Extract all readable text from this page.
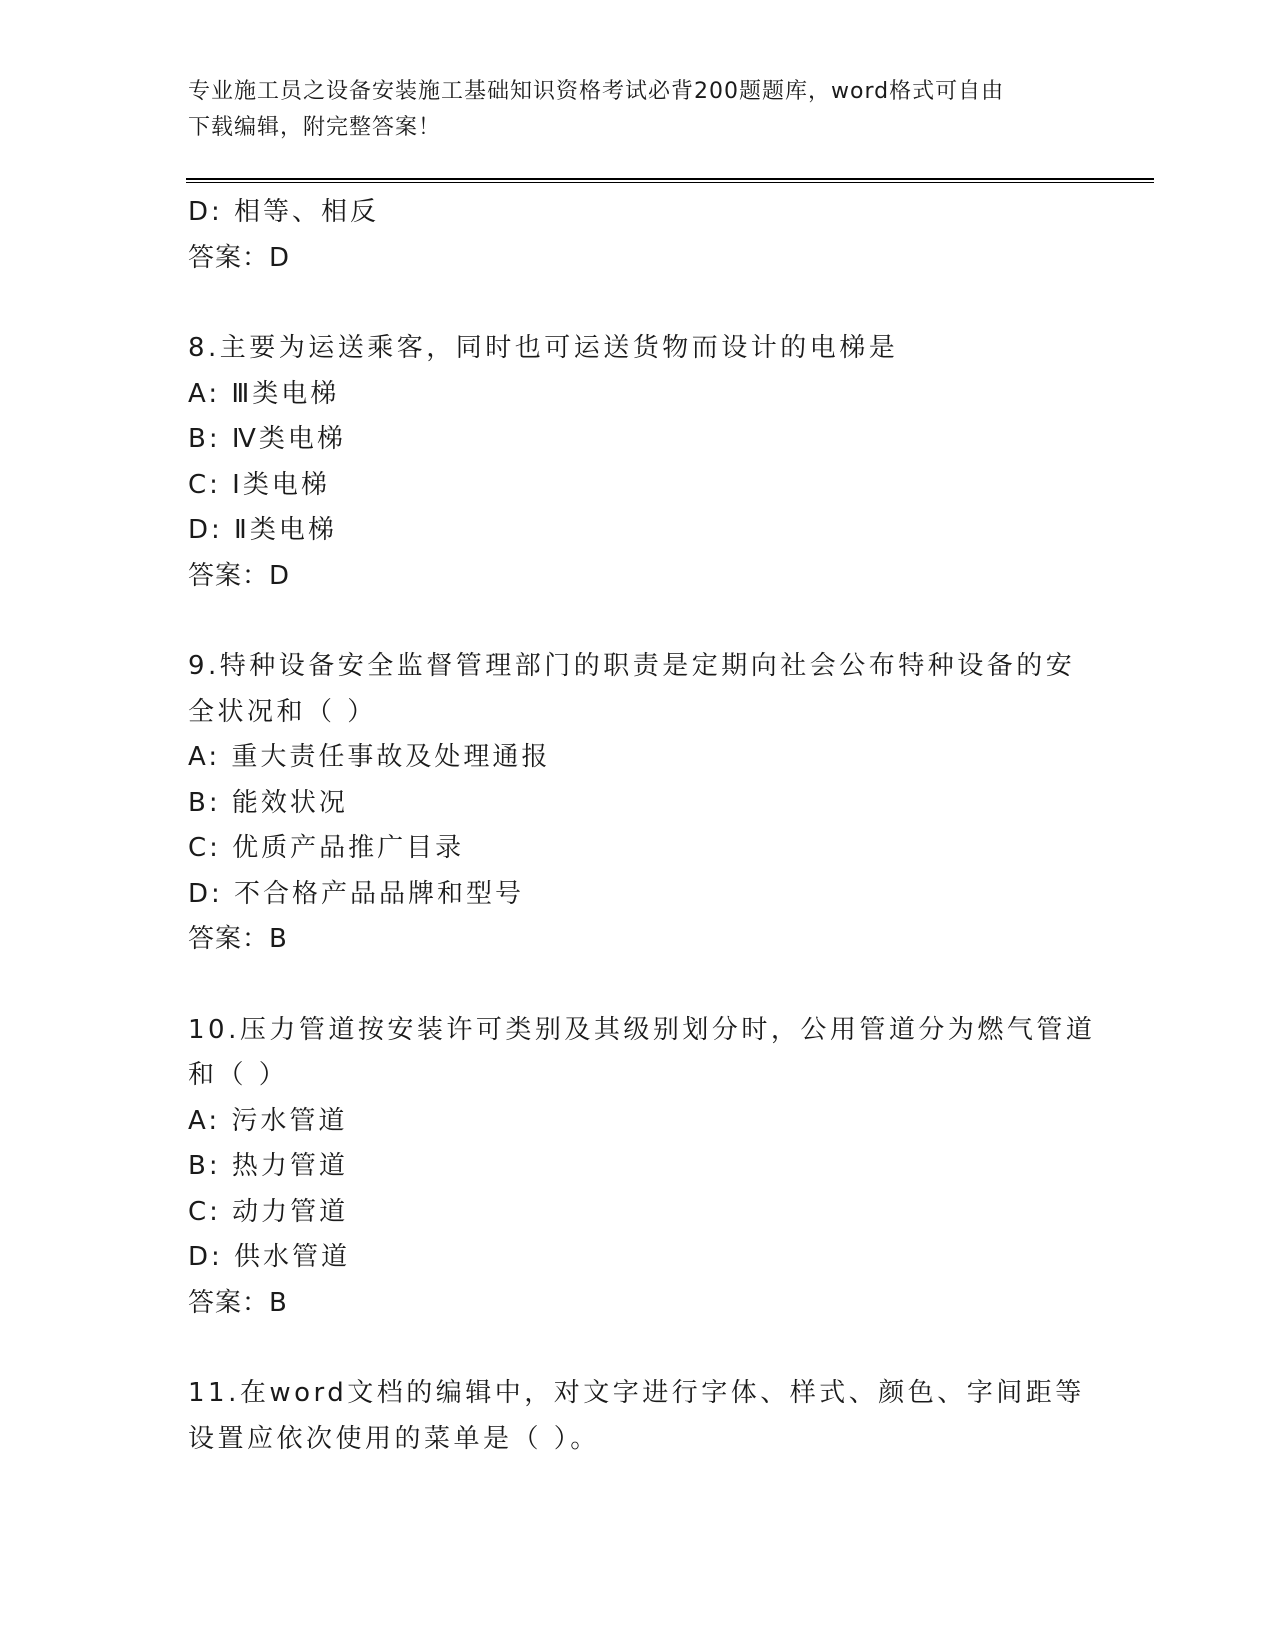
专业施工员之设备安装施工基础知识资格考试必背200题题库，word格式可自由
下载编辑，附完整答案！
D: 相等、相反
答案：D
8.主要为运送乘客，同时也可运送货物而设计的电梯是
A: Ⅲ类电梯
B: Ⅳ类电梯
C: Ⅰ类电梯
D: Ⅱ类电梯
答案：D
9.特种设备安全监督管理部门的职责是定期向社会公布特种设备的安
全状况和（ ）
A: 重大责任事故及处理通报
B: 能效状况
C: 优质产品推广目录
D: 不合格产品品牌和型号
答案：B
10.压力管道按安装许可类别及其级别划分时，公用管道分为燃气管道
和（ ）
A: 污水管道
B: 热力管道
C: 动力管道
D: 供水管道
答案：B
11.在word文档的编辑中，对文字进行字体、样式、颜色、字间距等
设置应依次使用的菜单是（ ）。
